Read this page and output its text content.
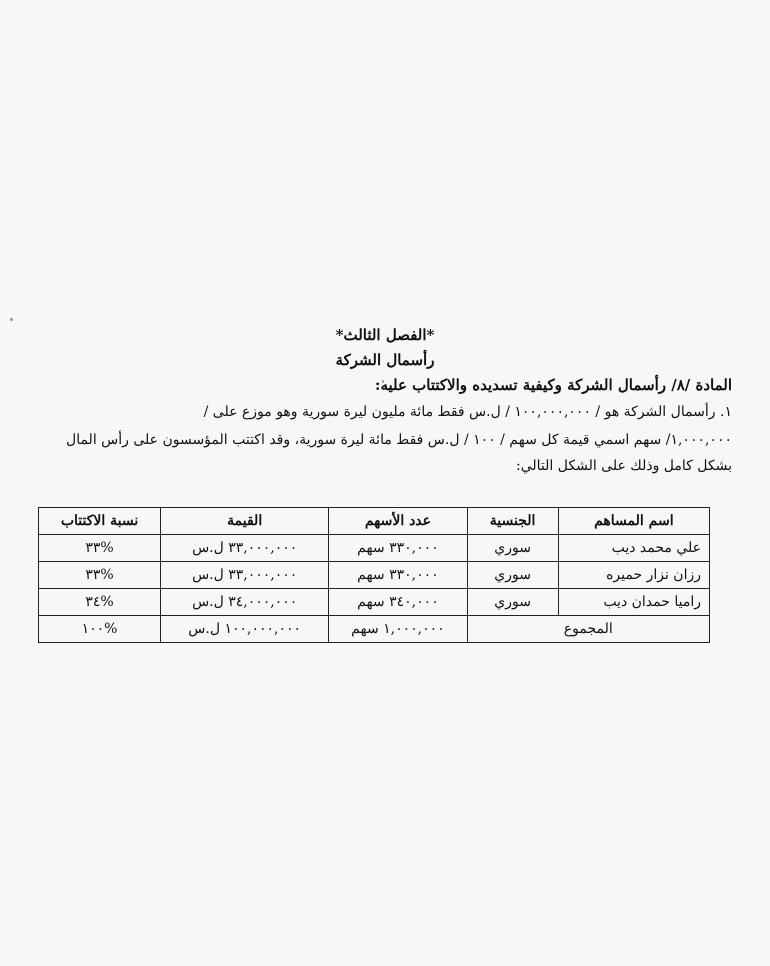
*الفصل الثالث*
رأسمال الشركة
المادة /٨/ رأسمال الشركة وكيفية تسديده والاكتتاب عليه:
١. رأسمال الشركة هو / ١٠٠,٠٠٠,٠٠٠ / ل.س فقط مائة مليون ليرة سورية وهو موزع على /
١,٠٠٠,٠٠٠/ سهم اسمي قيمة كل سهم / ١٠٠ / ل.س فقط مائة ليرة سورية، وقد اكتتب المؤسسون على رأس المال
بشكل كامل وذلك على الشكل التالي:
اسم المساهم	الجنسية	عدد الأسهم	القيمة	نسبة الاكتتاب
علي محمد ديب	سوري	٣٣٠,٠٠٠ سهم	٣٣,٠٠٠,٠٠٠ ل.س	%٣٣
رزان نزار حميره	سوري	٣٣٠,٠٠٠ سهم	٣٣,٠٠٠,٠٠٠ ل.س	%٣٣
راميا حمدان ديب	سوري	٣٤٠,٠٠٠ سهم	٣٤,٠٠٠,٠٠٠ ل.س	%٣٤
المجموع		١,٠٠٠,٠٠٠ سهم	١٠٠,٠٠٠,٠٠٠ ل.س	%١٠٠
